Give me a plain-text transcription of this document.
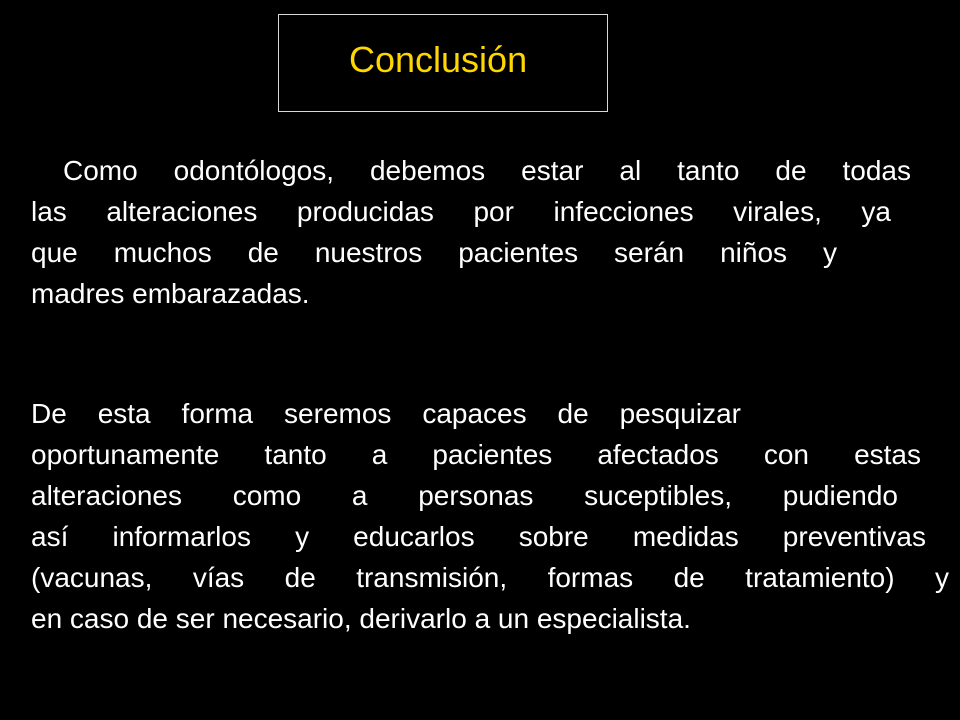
Conclusión
Como odontólogos, debemos estar al tanto de todas
las alteraciones producidas por infecciones virales, ya
que muchos de nuestros pacientes serán niños y
madres embarazadas.
De esta forma seremos capaces de pesquizar
oportunamente tanto a pacientes afectados con estas
alteraciones como a personas suceptibles, pudiendo
así informarlos y educarlos sobre medidas preventivas
(vacunas, vías de transmisión, formas de tratamiento) y
en caso de ser necesario, derivarlo a un especialista.
